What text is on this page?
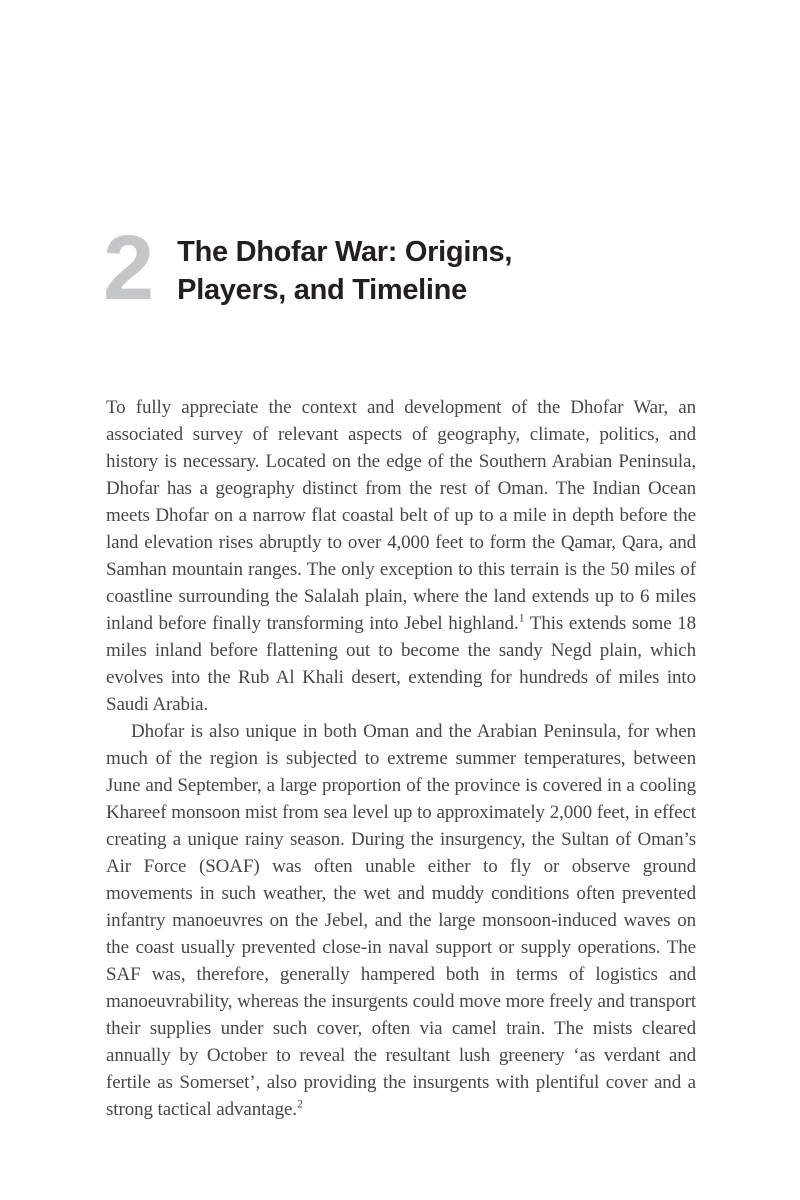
2 The Dhofar War: Origins,
Players, and Timeline

To fully appreciate the context and development of the Dhofar War, an associated survey of relevant aspects of geography, climate, politics, and history is necessary. Located on the edge of the Southern Arabian Peninsula, Dhofar has a geography distinct from the rest of Oman. The Indian Ocean meets Dhofar on a narrow flat coastal belt of up to a mile in depth before the land elevation rises abruptly to over 4,000 feet to form the Qamar, Qara, and Samhan mountain ranges. The only exception to this terrain is the 50 miles of coastline surrounding the Salalah plain, where the land extends up to 6 miles inland before finally transforming into Jebel highland.$^1$ This extends some 18 miles inland before flattening out to become the sandy Negd plain, which evolves into the Rub Al Khali desert, extending for hundreds of miles into Saudi Arabia.

Dhofar is also unique in both Oman and the Arabian Peninsula, for when much of the region is subjected to extreme summer temperatures, between June and September, a large proportion of the province is covered in a cooling Khareef monsoon mist from sea level up to approximately 2,000 feet, in effect creating a unique rainy season. During the insurgency, the Sultan of Oman’s Air Force (SOAF) was often unable either to fly or observe ground movements in such weather, the wet and muddy conditions often prevented infantry manoeuvres on the Jebel, and the large monsoon-induced waves on the coast usually prevented close-in naval support or supply operations. The SAF was, therefore, generally hampered both in terms of logistics and manoeuvrability, whereas the insurgents could move more freely and transport their supplies under such cover, often via camel train. The mists cleared annually by October to reveal the resultant lush greenery ‘as verdant and fertile as Somerset’, also providing the insurgents with plentiful cover and a strong tactical advantage.$^2$
